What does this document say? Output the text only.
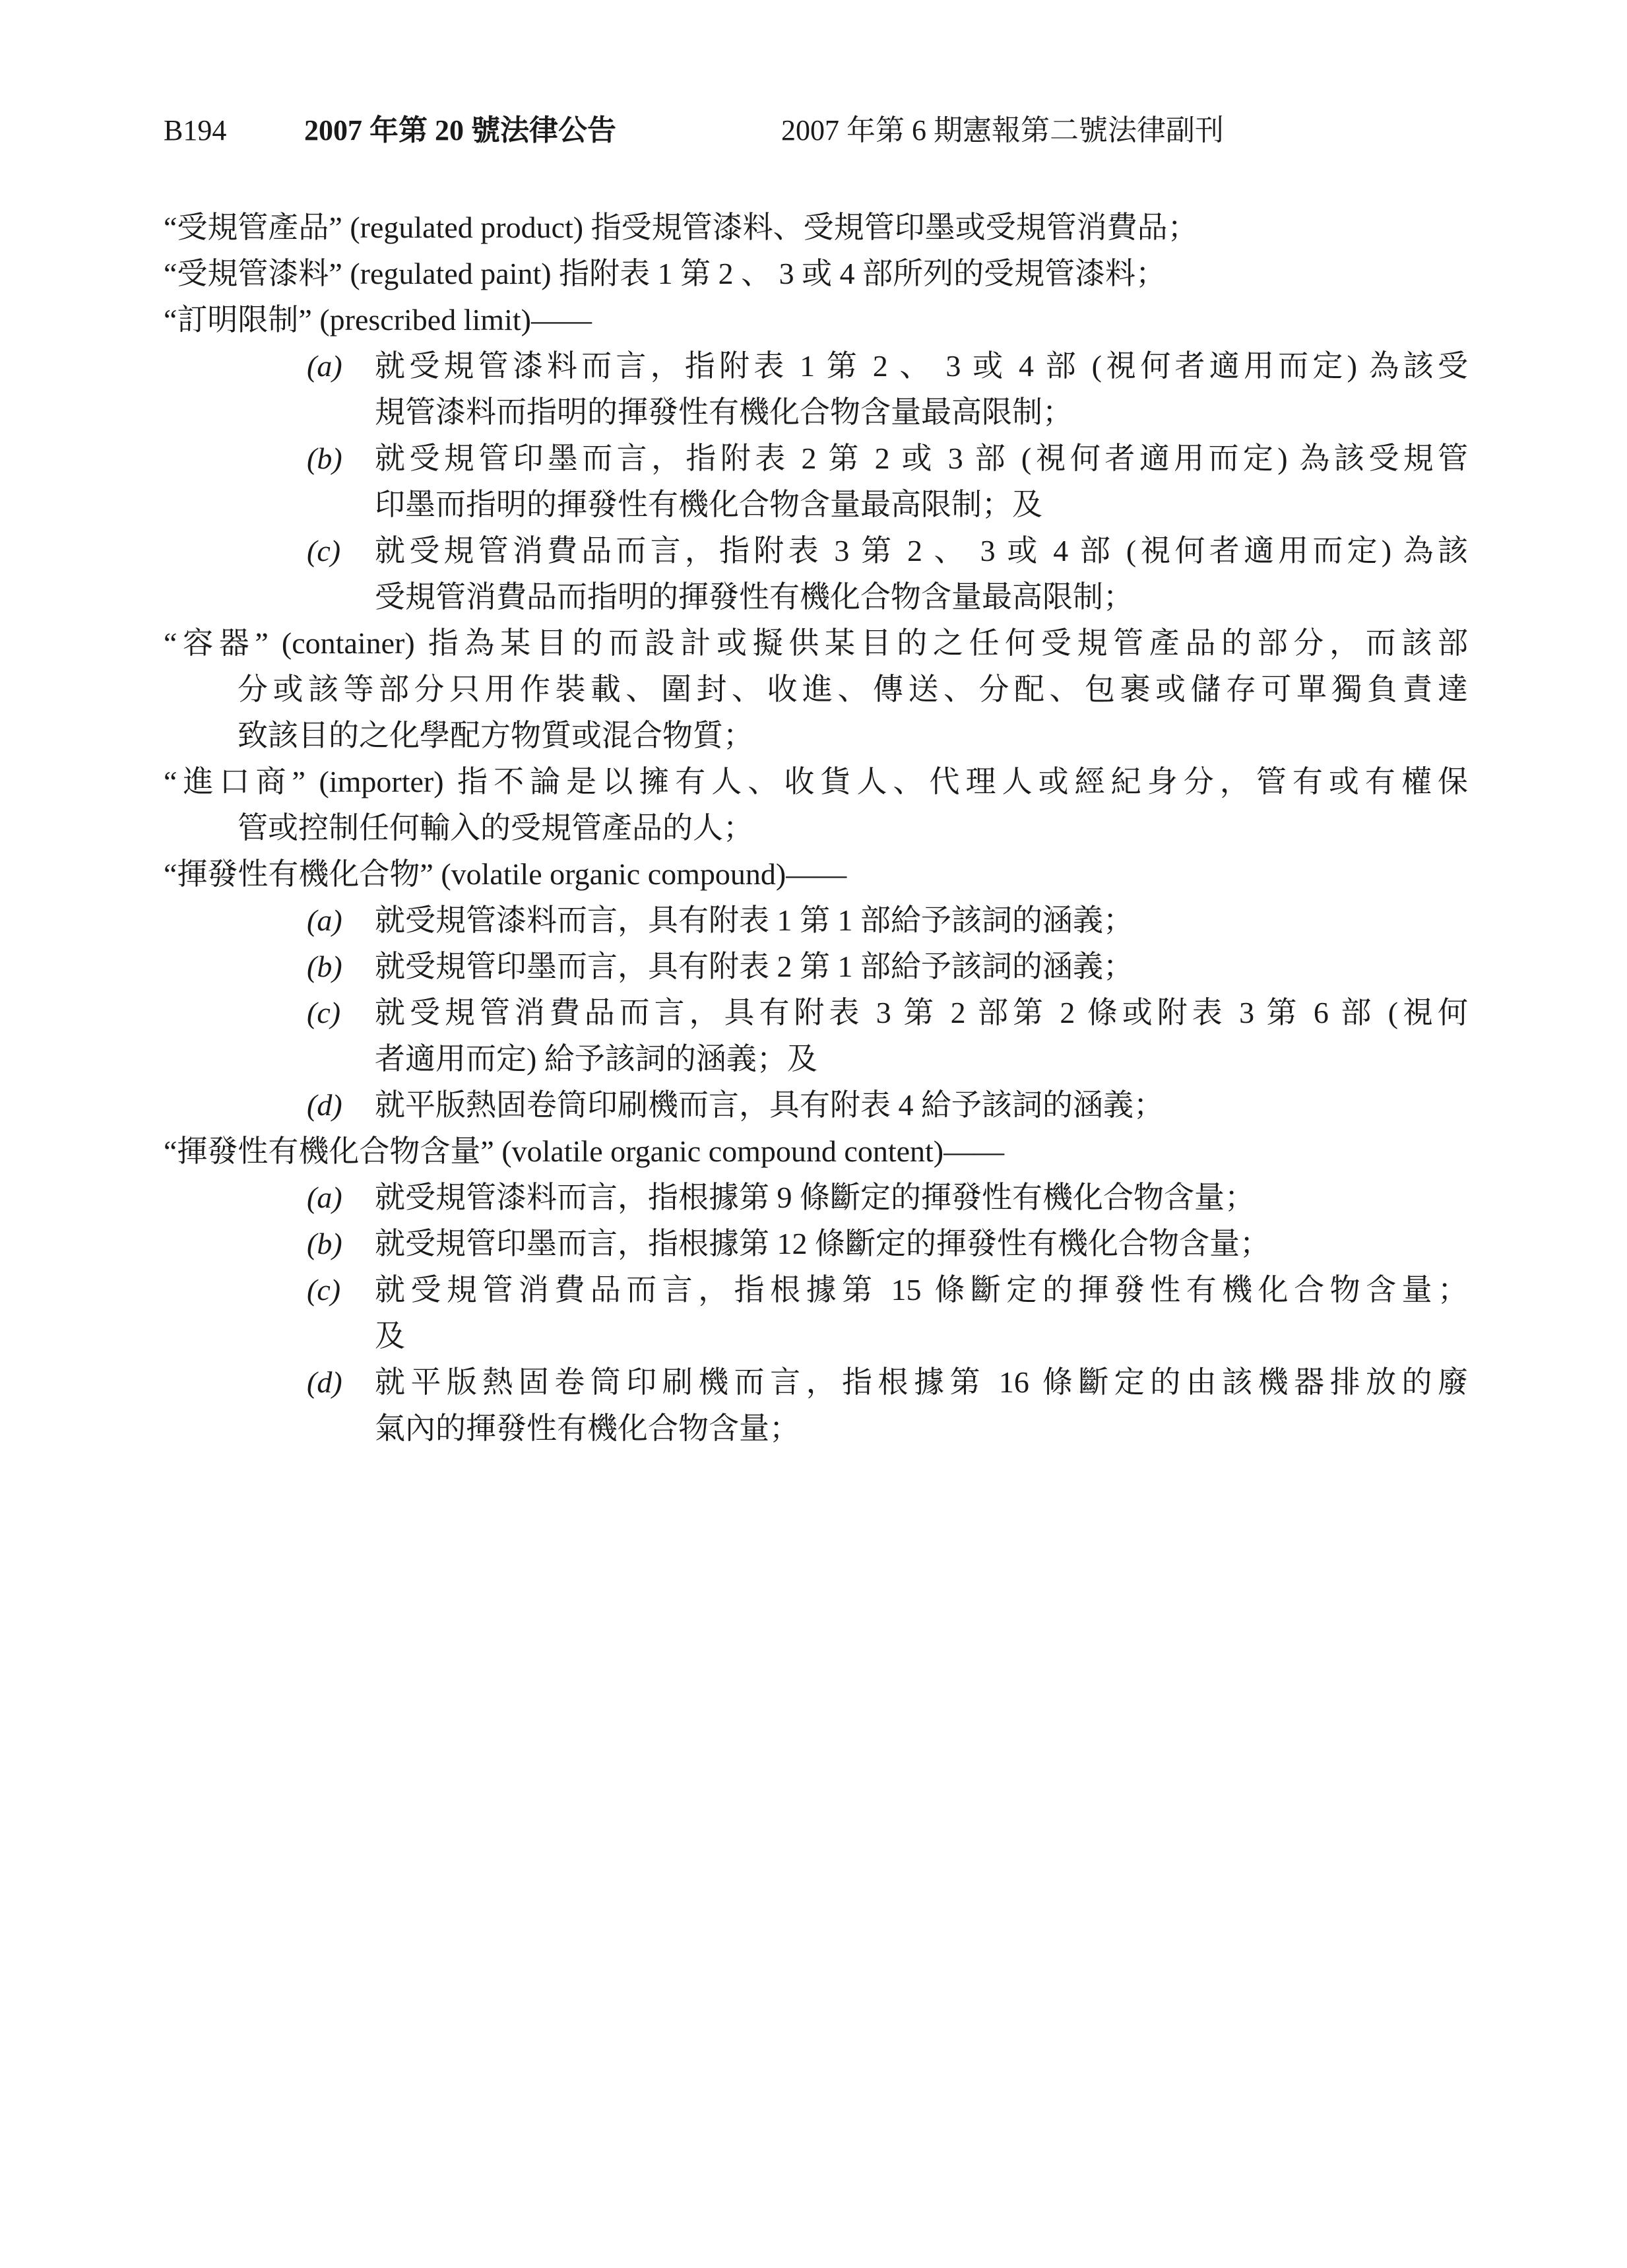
B194	2007 年第 20 號法律公告	2007 年第 6 期憲報第二號法律副刊
“受規管產品” (regulated product) 指受規管漆料、受規管印墨或受規管消費品；
“受規管漆料” (regulated paint) 指附表 1 第 2 、 3 或 4 部所列的受規管漆料；
“訂明限制” (prescribed limit)——
(a) 就受規管漆料而言，指附表 1 第 2 、 3 或 4 部 (視何者適用而定) 為該受
規管漆料而指明的揮發性有機化合物含量最高限制；
(b) 就受規管印墨而言，指附表 2 第 2 或 3 部 (視何者適用而定) 為該受規管
印墨而指明的揮發性有機化合物含量最高限制；及
(c) 就受規管消費品而言，指附表 3 第 2 、 3 或 4 部 (視何者適用而定) 為該
受規管消費品而指明的揮發性有機化合物含量最高限制；
“容器” (container) 指為某目的而設計或擬供某目的之任何受規管產品的部分，而該部
分或該等部分只用作裝載、圍封、收進、傳送、分配、包裹或儲存可單獨負責達
致該目的之化學配方物質或混合物質；
“進口商” (importer) 指不論是以擁有人、收貨人、代理人或經紀身分，管有或有權保
管或控制任何輸入的受規管產品的人；
“揮發性有機化合物” (volatile organic compound)——
(a) 就受規管漆料而言，具有附表 1 第 1 部給予該詞的涵義；
(b) 就受規管印墨而言，具有附表 2 第 1 部給予該詞的涵義；
(c) 就受規管消費品而言，具有附表 3 第 2 部第 2 條或附表 3 第 6 部 (視何
者適用而定) 給予該詞的涵義；及
(d) 就平版熱固卷筒印刷機而言，具有附表 4 給予該詞的涵義；
“揮發性有機化合物含量” (volatile organic compound content)——
(a) 就受規管漆料而言，指根據第 9 條斷定的揮發性有機化合物含量；
(b) 就受規管印墨而言，指根據第 12 條斷定的揮發性有機化合物含量；
(c) 就受規管消費品而言，指根據第 15 條斷定的揮發性有機化合物含量；
及
(d) 就平版熱固卷筒印刷機而言，指根據第 16 條斷定的由該機器排放的廢
氣內的揮發性有機化合物含量；
